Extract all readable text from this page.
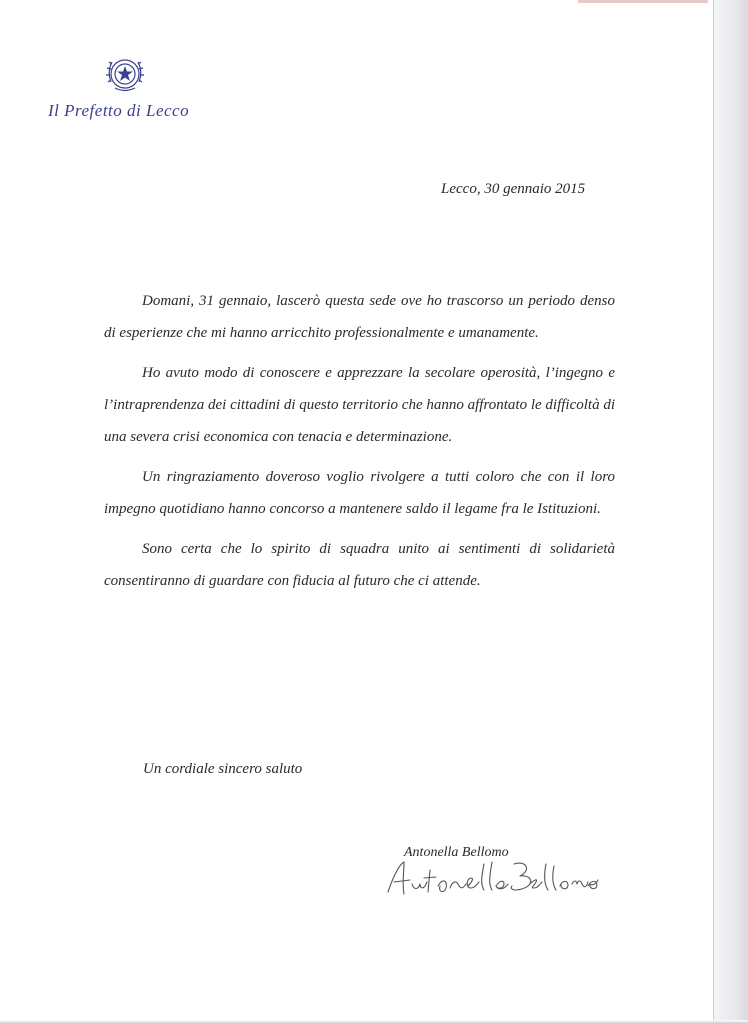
Il Prefetto di Lecco
Lecco, 30 gennaio 2015

Domani, 31 gennaio, lascerò questa sede ove ho trascorso un periodo denso di esperienze che mi hanno arricchito professionalmente e umanamente.

Ho avuto modo di conoscere e apprezzare la secolare operosità, l’ingegno e l’intraprendenza dei cittadini di questo territorio che hanno affrontato le difficoltà di una severa crisi economica con tenacia e determinazione.

Un ringraziamento doveroso voglio rivolgere a tutti coloro che con il loro impegno quotidiano hanno concorso a mantenere saldo il legame fra le Istituzioni.

Sono certa che lo spirito di squadra unito ai sentimenti di solidarietà consentiranno di guardare con fiducia al futuro che ci attende.

Un cordiale sincero saluto
Antonella Bellomo
